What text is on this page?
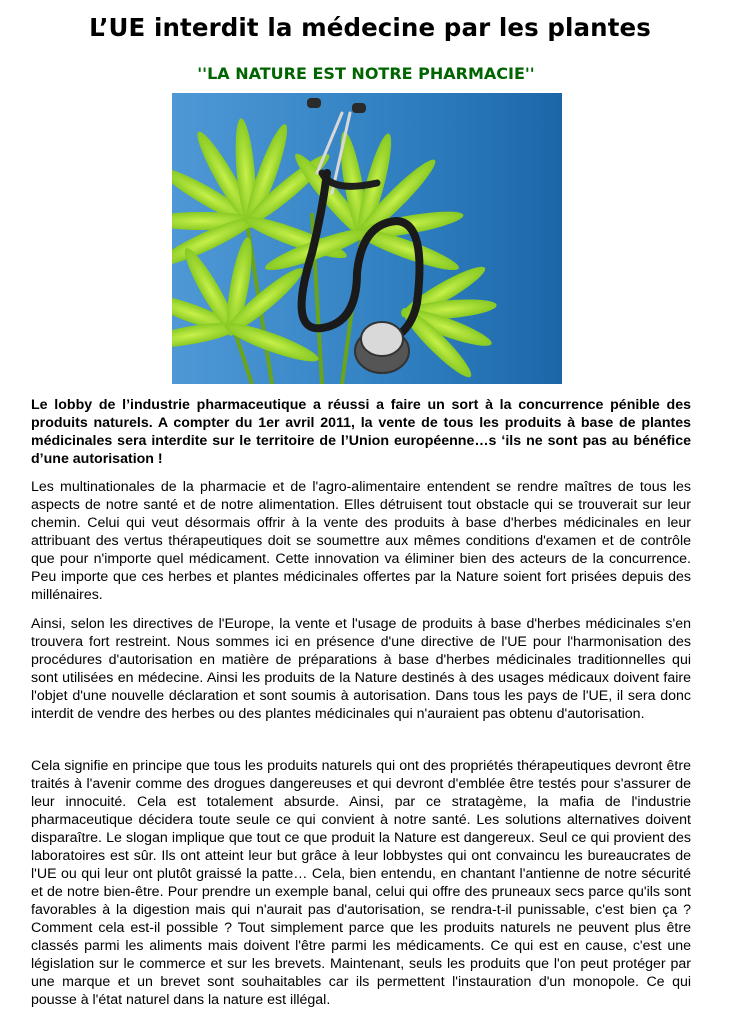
L’UE interdit la médecine par les plantes
''LA NATURE EST NOTRE PHARMACIE''

Le lobby de l’industrie pharmaceutique a réussi a faire un sort à la concurrence pénible des produits naturels. A compter du 1er avril 2011, la vente de tous les produits à base de plantes médicinales sera interdite sur le territoire de l’Union européenne…s ‘ils ne sont pas au bénéfice d’une autorisation !

Les multinationales de la pharmacie et de l'agro-alimentaire entendent se rendre maîtres de tous les aspects de notre santé et de notre alimentation. Elles détruisent tout obstacle qui se trouverait sur leur chemin. Celui qui veut désormais offrir à la vente des produits à base d'herbes médicinales en leur attribuant des vertus thérapeutiques doit se soumettre aux mêmes conditions d'examen et de contrôle que pour n'importe quel médicament. Cette innovation va éliminer bien des acteurs de la concurrence. Peu importe que ces herbes et plantes médicinales offertes par la Nature soient fort prisées depuis des millénaires.

Ainsi, selon les directives de l'Europe, la vente et l'usage de produits à base d'herbes médicinales s'en trouvera fort restreint. Nous sommes ici en présence d'une directive de l'UE pour l'harmonisation des procédures d'autorisation en matière de préparations à base d'herbes médicinales traditionnelles qui sont utilisées en médecine. Ainsi les produits de la Nature destinés à des usages médicaux doivent faire l'objet d'une nouvelle déclaration et sont soumis à autorisation. Dans tous les pays de l'UE, il sera donc interdit de vendre des herbes ou des plantes médicinales qui n'auraient pas obtenu d'autorisation.

Cela signifie en principe que tous les produits naturels qui ont des propriétés thérapeutiques devront être traités à l'avenir comme des drogues dangereuses et qui devront d'emblée être testés pour s'assurer de leur innocuité. Cela est totalement absurde. Ainsi, par ce stratagème, la mafia de l'industrie pharmaceutique décidera toute seule ce qui convient à notre santé. Les solutions alternatives doivent disparaître. Le slogan implique que tout ce que produit la Nature est dangereux. Seul ce qui provient des laboratoires est sûr. Ils ont atteint leur but grâce à leur lobbystes qui ont convaincu les bureaucrates de l'UE ou qui leur ont plutôt graissé la patte… Cela, bien entendu, en chantant l'antienne de notre sécurité et de notre bien-être. Pour prendre un exemple banal, celui qui offre des pruneaux secs parce qu'ils sont favorables à la digestion mais qui n'aurait pas d'autorisation, se rendra-t-il punissable, c'est bien ça ? Comment cela est-il possible ? Tout simplement parce que les produits naturels ne peuvent plus être classés parmi les aliments mais doivent l'être parmi les médicaments. Ce qui est en cause, c'est une législation sur le commerce et sur les brevets. Maintenant, seuls les produits que l'on peut protéger par une marque et un brevet sont souhaitables car ils permettent l'instauration d'un monopole. Ce qui pousse à l'état naturel dans la nature est illégal.
